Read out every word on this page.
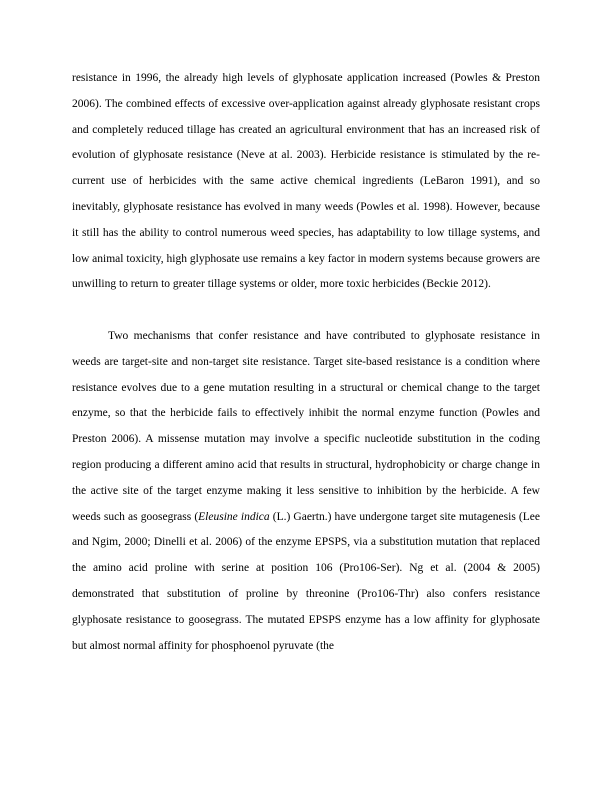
resistance in 1996, the already high levels of glyphosate application increased (Powles & Preston 2006). The combined effects of excessive over-application against already glyphosate resistant crops and completely reduced tillage has created an agricultural environment that has an increased risk of evolution of glyphosate resistance (Neve at al. 2003). Herbicide resistance is stimulated by the re-current use of herbicides with the same active chemical ingredients (LeBaron 1991), and so inevitably, glyphosate resistance has evolved in many weeds (Powles et al. 1998). However, because it still has the ability to control numerous weed species, has adaptability to low tillage systems, and low animal toxicity, high glyphosate use remains a key factor in modern systems because growers are unwilling to return to greater tillage systems or older, more toxic herbicides (Beckie 2012).

Two mechanisms that confer resistance and have contributed to glyphosate resistance in weeds are target-site and non-target site resistance. Target site-based resistance is a condition where resistance evolves due to a gene mutation resulting in a structural or chemical change to the target enzyme, so that the herbicide fails to effectively inhibit the normal enzyme function (Powles and Preston 2006). A missense mutation may involve a specific nucleotide substitution in the coding region producing a different amino acid that results in structural, hydrophobicity or charge change in the active site of the target enzyme making it less sensitive to inhibition by the herbicide. A few weeds such as goosegrass (Eleusine indica (L.) Gaertn.) have undergone target site mutagenesis (Lee and Ngim, 2000; Dinelli et al. 2006) of the enzyme EPSPS, via a substitution mutation that replaced the amino acid proline with serine at position 106 (Pro106-Ser). Ng et al. (2004 & 2005) demonstrated that substitution of proline by threonine (Pro106-Thr) also confers resistance glyphosate resistance to goosegrass. The mutated EPSPS enzyme has a low affinity for glyphosate but almost normal affinity for phosphoenol pyruvate (the
